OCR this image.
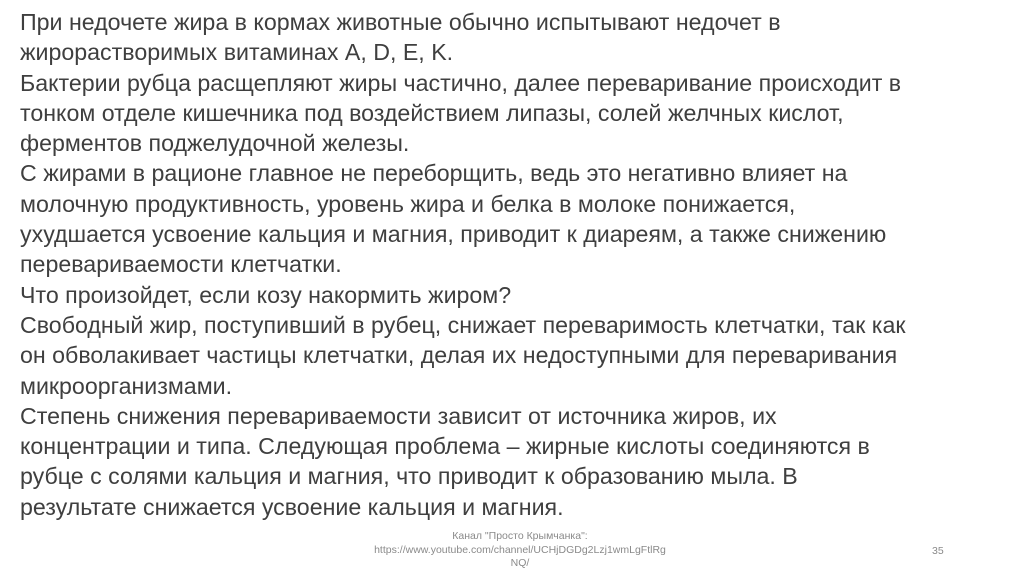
При недочете жира в кормах животные обычно испытывают недочет в
жирорастворимых витаминах A, D, E, K.
Бактерии рубца расщепляют жиры частично, далее переваривание происходит в
тонком отделе кишечника под воздействием липазы, солей желчных кислот,
ферментов поджелудочной железы.
С жирами в рационе главное не переборщить, ведь это негативно влияет на
молочную продуктивность, уровень жира и белка в молоке понижается,
ухудшается усвоение кальция и магния, приводит к диареям, а также снижению
перевариваемости клетчатки.
Что произойдет, если козу накормить жиром?
Свободный жир, поступивший в рубец, снижает переваримость клетчатки, так как
он обволакивает частицы клетчатки, делая их недоступными для переваривания
микроорганизмами.
Степень снижения перевариваемости зависит от источника жиров, их
концентрации и типа. Следующая проблема – жирные кислоты соединяются в
рубце с солями кальция и магния, что приводит к образованию мыла. В
результате снижается усвоение кальция и магния.
Канал "Просто Крымчанка":
https://www.youtube.com/channel/UCHjDGDg2Lzj1wmLgFtlRg
NQ/
35
